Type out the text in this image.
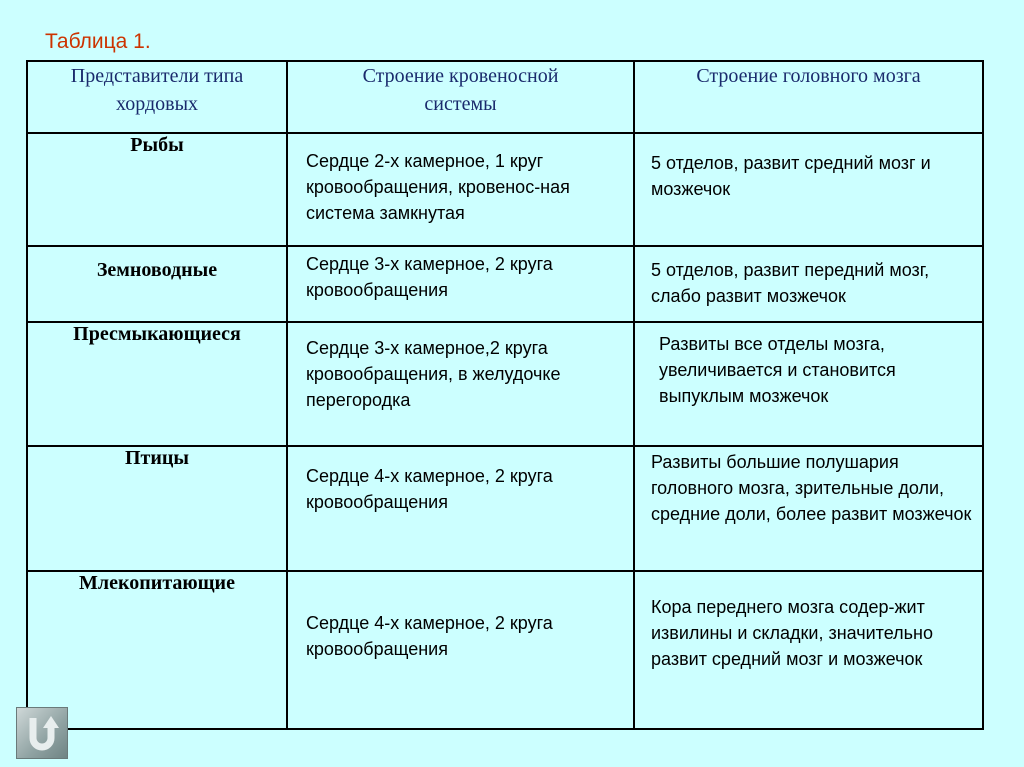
Таблица 1.
Представители типа хордовых	Строение кровеносной системы	Строение головного мозга
Рыбы	Сердце 2-х камерное, 1 круг кровообращения, кровенос-ная система замкнутая	5 отделов, развит средний мозг и мозжечок
Земноводные	Сердце 3-х камерное, 2 круга кровообращения	5 отделов, развит передний мозг, слабо развит мозжечок
Пресмыкающиеся	Сердце 3-х камерное,2 круга кровообращения, в желудочке перегородка	Развиты все отделы мозга, увеличивается и становится выпуклым мозжечок
Птицы	Сердце 4-х камерное, 2 круга кровообращения	Развиты большие полушария головного мозга, зрительные доли, средние доли, более развит мозжечок
Млекопитающие	Сердце 4-х камерное, 2 круга кровообращения	Кора переднего мозга содер-жит извилины и складки, значительно развит средний мозг и мозжечок
